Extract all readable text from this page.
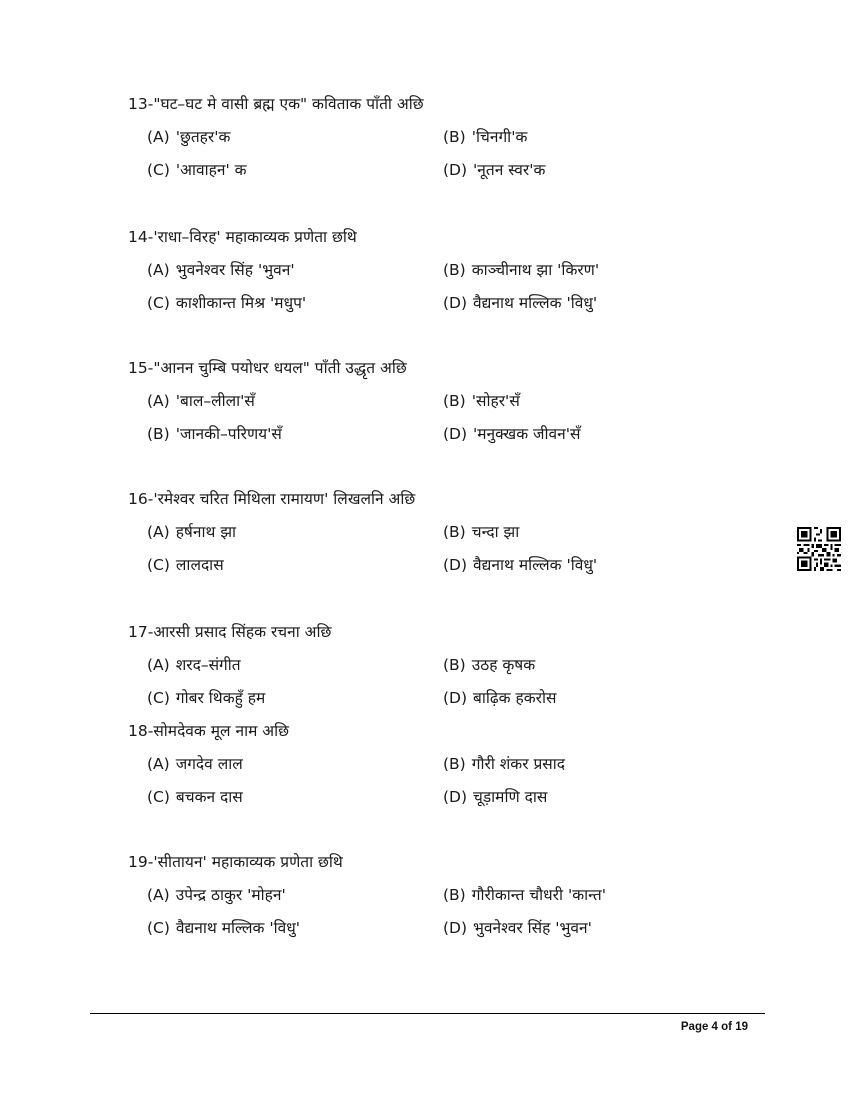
13-"घट–घट मे वासी ब्रह्म एक" कविताक पाँती अछि
(A) 'छुतहर'क	(B) 'चिनगी'क
(C) 'आवाहन' क	(D) 'नूतन स्वर'क
14-'राधा–विरह' महाकाव्यक प्रणेता छथि
(A) भुवनेश्वर सिंह 'भुवन'	(B) काञ्चीनाथ झा 'किरण'
(C) काशीकान्त मिश्र 'मधुप'	(D) वैद्यनाथ मल्लिक 'विधु'
15-"आनन चुम्बि पयोधर धयल" पाँती उद्धृत अछि
(A) 'बाल–लीला'सँ	(B) 'सोहर'सँ
(B) 'जानकी–परिणय'सँ	(D) 'मनुक्खक जीवन'सँ
16-'रमेश्वर चरित मिथिला रामायण' लिखलनि अछि
(A) हर्षनाथ झा	(B) चन्दा झा
(C) लालदास	(D) वैद्यनाथ मल्लिक 'विधु'
17-आरसी प्रसाद सिंहक रचना अछि
(A) शरद–संगीत	(B) उठह कृषक
(C) गोबर थिकहुँ हम	(D) बाढ़िक हकरोस
18-सोमदेवक मूल नाम अछि
(A) जगदेव लाल	(B) गौरी शंकर प्रसाद
(C) बचकन दास	(D) चूड़ामणि दास
19-'सीतायन' महाकाव्यक प्रणेता छथि
(A) उपेन्द्र ठाकुर 'मोहन'	(B) गौरीकान्त चौधरी 'कान्त'
(C) वैद्यनाथ मल्लिक 'विधु'	(D) भुवनेश्वर सिंह 'भुवन'
Page 4 of 19
